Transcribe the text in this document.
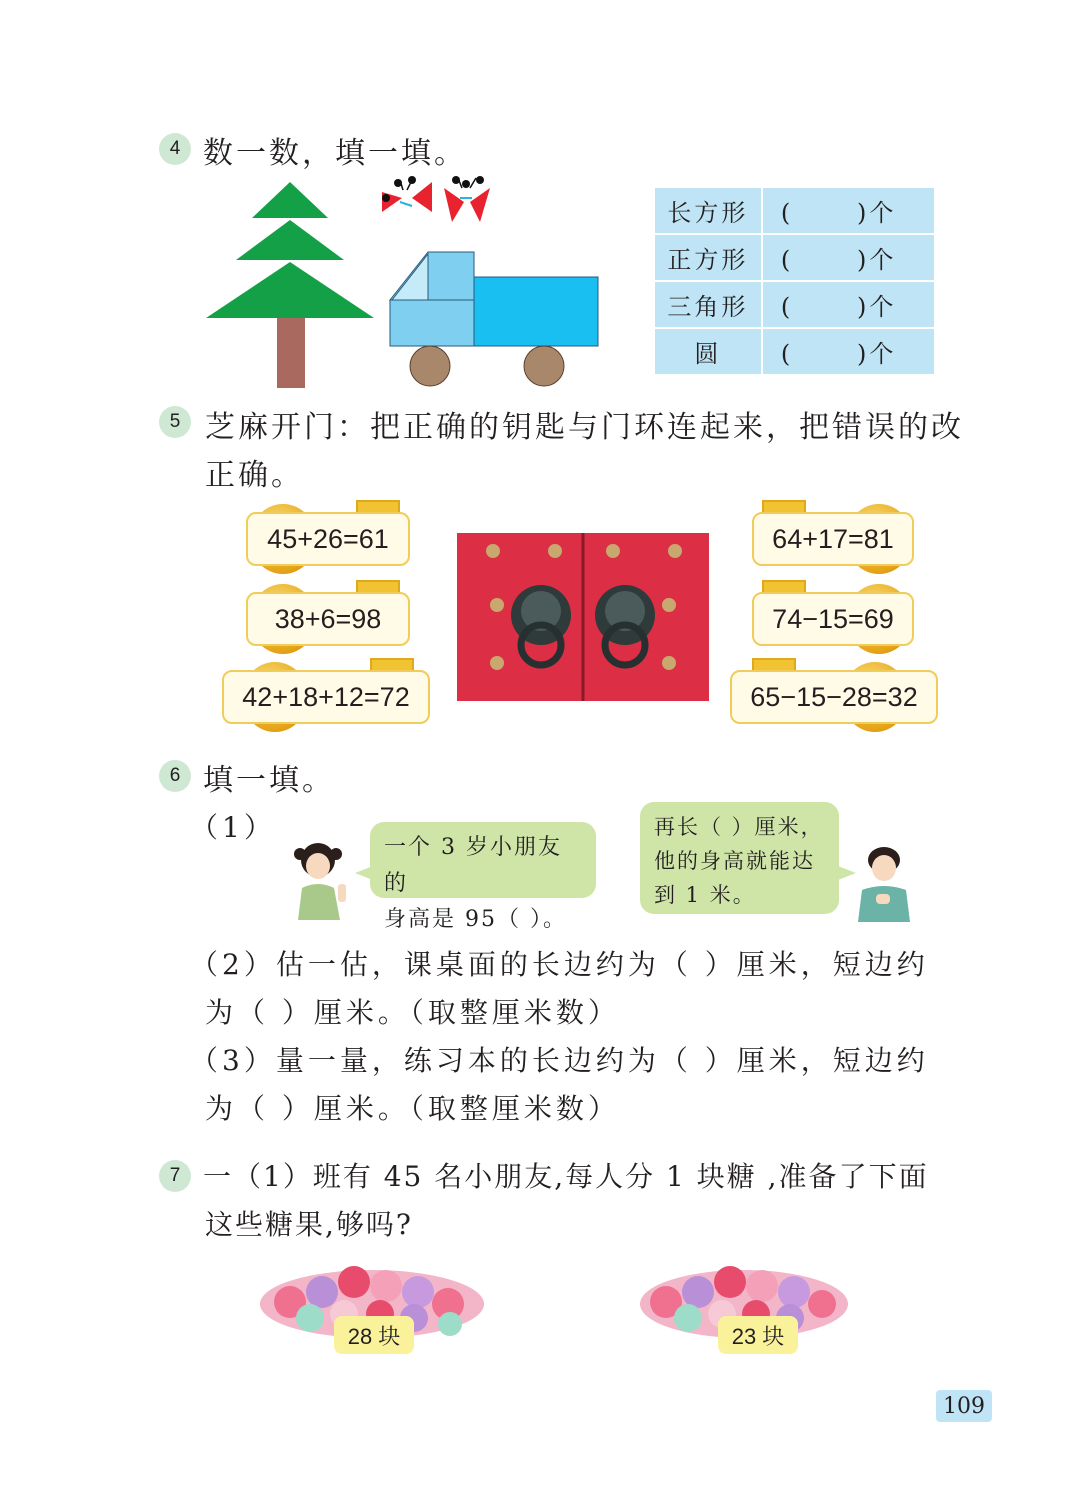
4 数一数，填一填。
长方形	(      )个
正方形	(      )个
三角形	(      )个
圆	(      )个
5 芝麻开门：把正确的钥匙与门环连起来，把错误的改
正确。
45+26=61
38+6=98
42+18+12=72
64+17=81
74−15=69
65−15−28=32
6 填一填。
（1）
一个 3 岁小朋友的
身高是 95（ ）。
再长（ ）厘米，
他的身高就能达
到 1 米。
（2）估一估，课桌面的长边约为（ ）厘米，短边约
为（ ）厘米。（取整厘米数）
（3）量一量，练习本的长边约为（ ）厘米，短边约
为（ ）厘米。（取整厘米数）
7 一（1）班有 45 名小朋友,每人分 1 块糖 ,准备了下面
这些糖果,够吗?
28 块	23 块
109
